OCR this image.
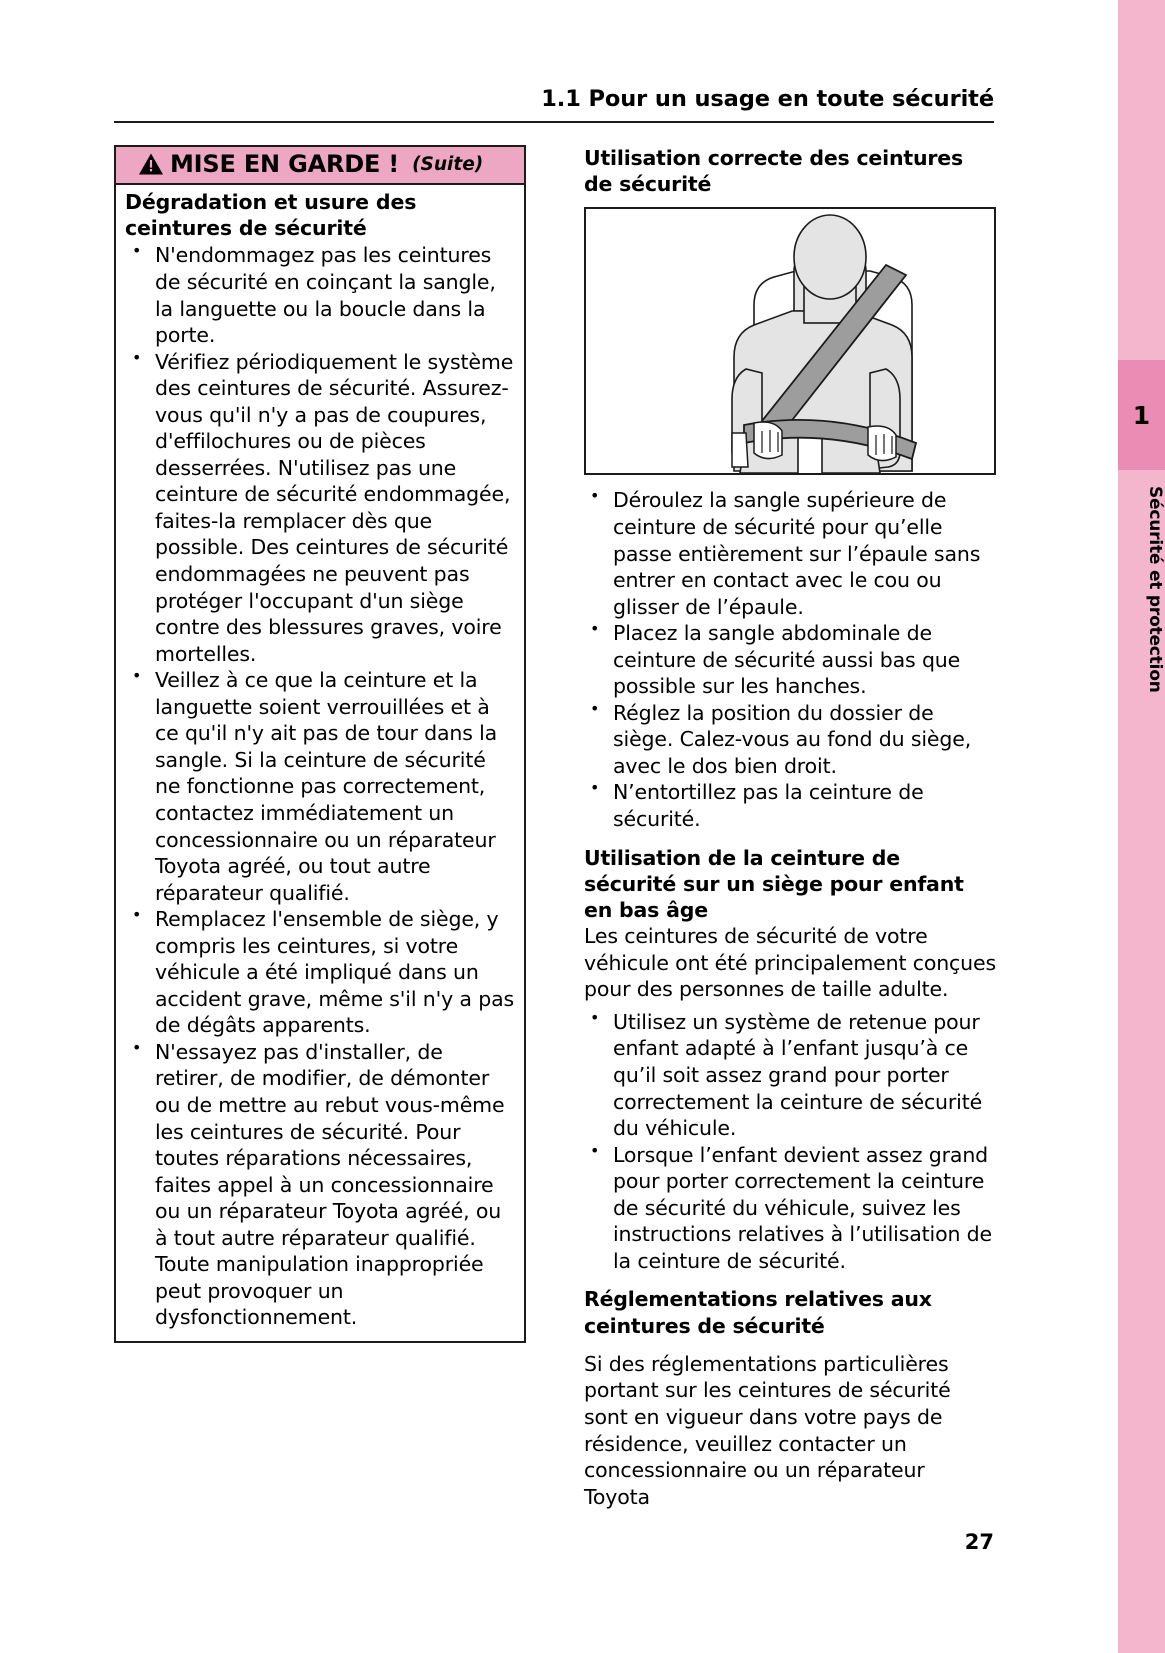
1
Sécurité et protection
1.1 Pour un usage en toute sécurité
MISE EN GARDE ! (Suite)

Dégradation et usure des ceintures de sécurité

• N'endommagez pas les ceintures de sécurité en coinçant la sangle, la languette ou la boucle dans la porte.
• Vérifiez périodiquement le système des ceintures de sécurité. Assurez-vous qu'il n'y a pas de coupures, d'effilochures ou de pièces desserrées. N'utilisez pas une ceinture de sécurité endommagée, faites-la remplacer dès que possible. Des ceintures de sécurité endommagées ne peuvent pas protéger l'occupant d'un siège contre des blessures graves, voire mortelles.
• Veillez à ce que la ceinture et la languette soient verrouillées et à ce qu'il n'y ait pas de tour dans la sangle. Si la ceinture de sécurité ne fonctionne pas correctement, contactez immédiatement un concessionnaire ou un réparateur Toyota agréé, ou tout autre réparateur qualifié.
• Remplacez l'ensemble de siège, y compris les ceintures, si votre véhicule a été impliqué dans un accident grave, même s'il n'y a pas de dégâts apparents.
• N'essayez pas d'installer, de retirer, de modifier, de démonter ou de mettre au rebut vous-même les ceintures de sécurité. Pour toutes réparations nécessaires, faites appel à un concessionnaire ou un réparateur Toyota agréé, ou à tout autre réparateur qualifié. Toute manipulation inappropriée peut provoquer un dysfonctionnement.

Utilisation correcte des ceintures de sécurité

• Déroulez la sangle supérieure de ceinture de sécurité pour qu’elle passe entièrement sur l’épaule sans entrer en contact avec le cou ou glisser de l’épaule.
• Placez la sangle abdominale de ceinture de sécurité aussi bas que possible sur les hanches.
• Réglez la position du dossier de siège. Calez-vous au fond du siège, avec le dos bien droit.
• N’entortillez pas la ceinture de sécurité.

Utilisation de la ceinture de sécurité sur un siège pour enfant en bas âge

Les ceintures de sécurité de votre véhicule ont été principalement conçues pour des personnes de taille adulte.

• Utilisez un système de retenue pour enfant adapté à l’enfant jusqu’à ce qu’il soit assez grand pour porter correctement la ceinture de sécurité du véhicule.
• Lorsque l’enfant devient assez grand pour porter correctement la ceinture de sécurité du véhicule, suivez les instructions relatives à l’utilisation de la ceinture de sécurité.

Réglementations relatives aux ceintures de sécurité

Si des réglementations particulières portant sur les ceintures de sécurité sont en vigueur dans votre pays de résidence, veuillez contacter un concessionnaire ou un réparateur Toyota

27
